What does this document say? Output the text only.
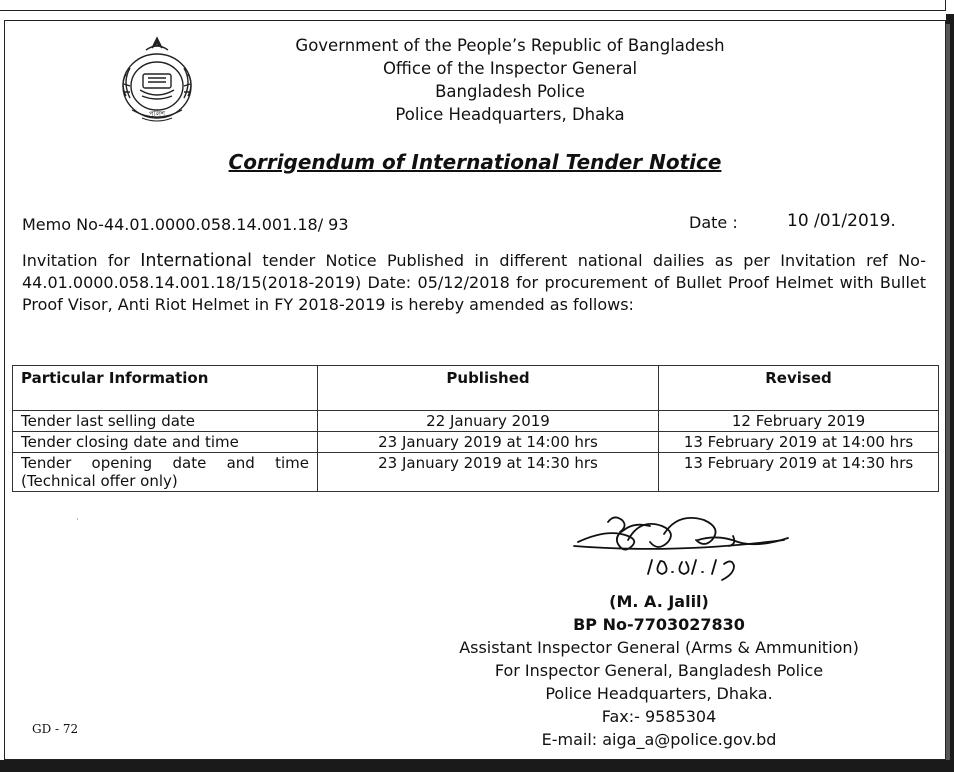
পুলিশ
Government of the People’s Republic of Bangladesh
Office of the Inspector General
Bangladesh Police
Police Headquarters, Dhaka
Corrigendum of International Tender Notice
Memo No-44.01.0000.058.14.001.18/ 93	Date :	10 /01/2019.
Invitation for International tender Notice Published in different national dailies as per Invitation ref No-44.01.0000.058.14.001.18/15(2018-2019) Date: 05/12/2018 for procurement of Bullet Proof Helmet with Bullet Proof Visor, Anti Riot Helmet in FY 2018-2019 is hereby amended as follows:
Particular Information	Published	Revised
Tender last selling date	22 January 2019	12 February 2019
Tender closing date and time	23 January 2019 at 14:00 hrs	13 February 2019 at 14:00 hrs
Tender opening date and time (Technical offer only)	23 January 2019 at 14:30 hrs	13 February 2019 at 14:30 hrs
˙
(M. A. Jalil)
BP No-7703027830
Assistant Inspector General (Arms & Ammunition)
For Inspector General, Bangladesh Police
Police Headquarters, Dhaka.
Fax:- 9585304
E-mail: aiga_a@police.gov.bd
GD - 72
